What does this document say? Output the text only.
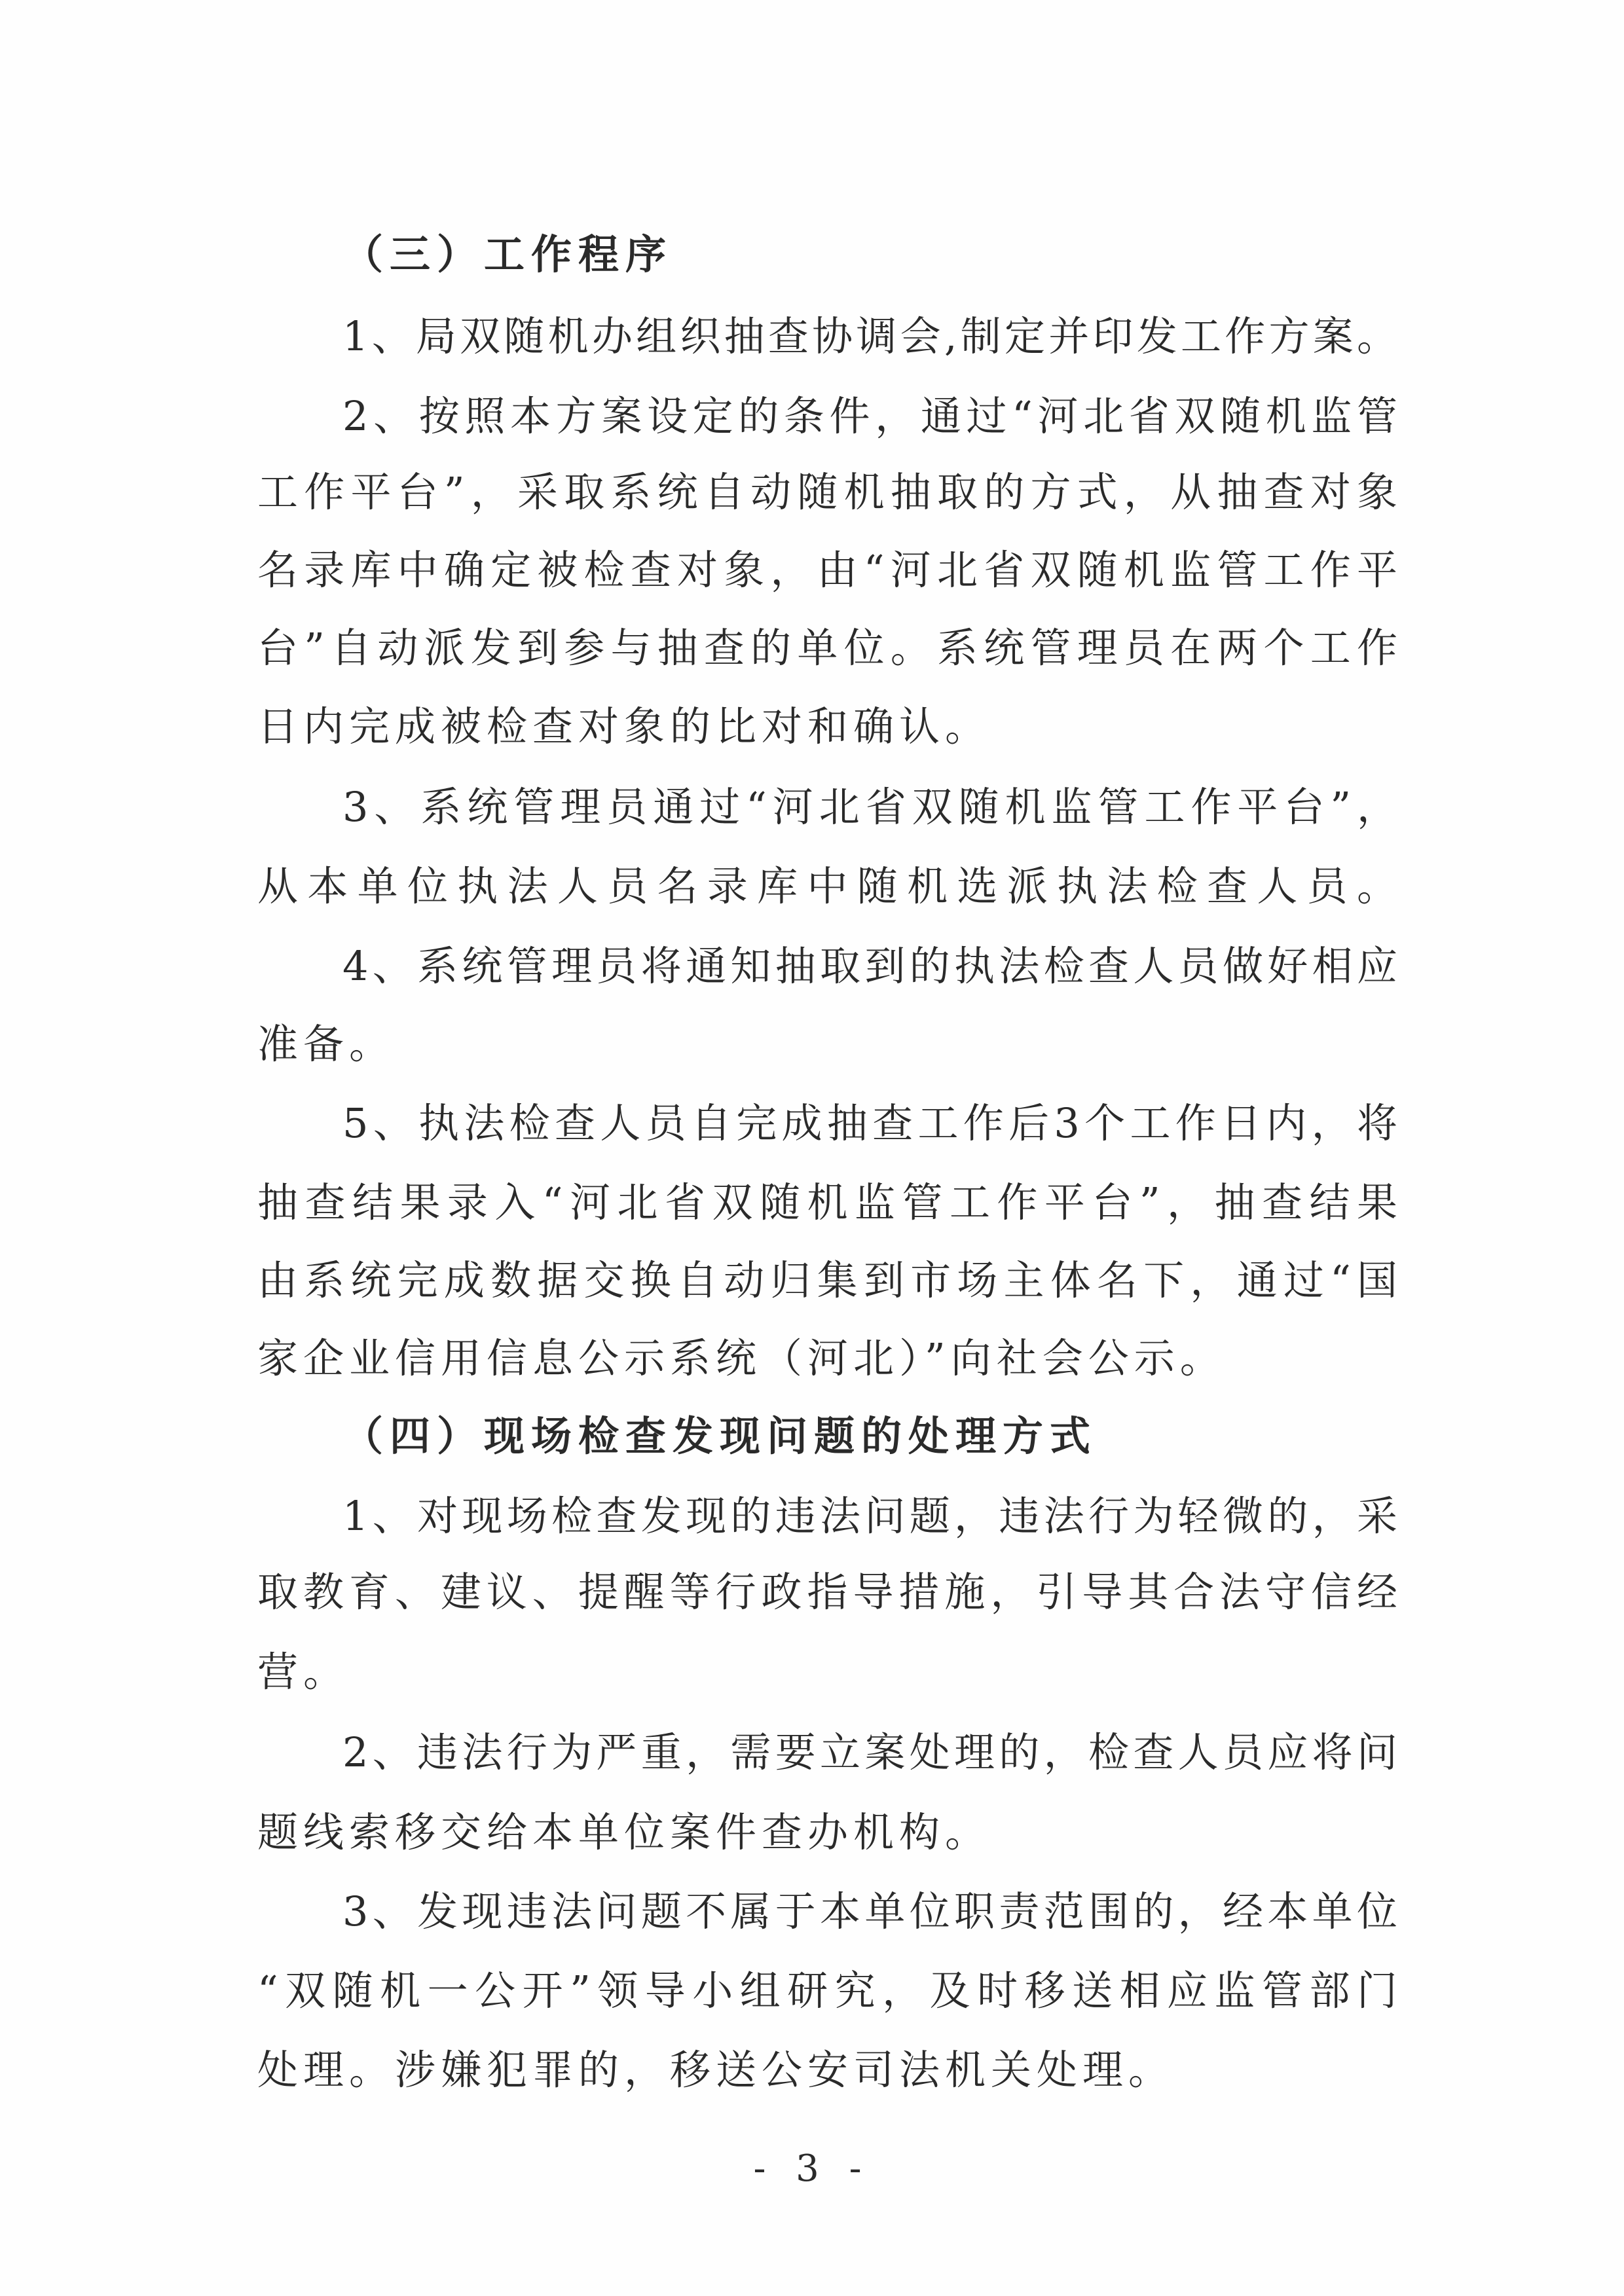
（三）工作程序
1、局双随机办组织抽查协调会,制定并印发工作方案。
2、按照本方案设定的条件，通过“河北省双随机监管
工作平台”，采取系统自动随机抽取的方式，从抽查对象
名录库中确定被检查对象，由“河北省双随机监管工作平
台”自动派发到参与抽查的单位。系统管理员在两个工作
日内完成被检查对象的比对和确认。
3、系统管理员通过“河北省双随机监管工作平台”，
从本单位执法人员名录库中随机选派执法检查人员。
4、系统管理员将通知抽取到的执法检查人员做好相应
准备。
5、执法检查人员自完成抽查工作后3个工作日内，将
抽查结果录入“河北省双随机监管工作平台”，抽查结果
由系统完成数据交换自动归集到市场主体名下，通过“国
家企业信用信息公示系统（河北）”向社会公示。
（四）现场检查发现问题的处理方式
1、对现场检查发现的违法问题，违法行为轻微的，采
取教育、建议、提醒等行政指导措施，引导其合法守信经
营。
2、违法行为严重，需要立案处理的，检查人员应将问
题线索移交给本单位案件查办机构。
3、发现违法问题不属于本单位职责范围的，经本单位
“双随机一公开”领导小组研究，及时移送相应监管部门
处理。涉嫌犯罪的，移送公安司法机关处理。
- 3 -
